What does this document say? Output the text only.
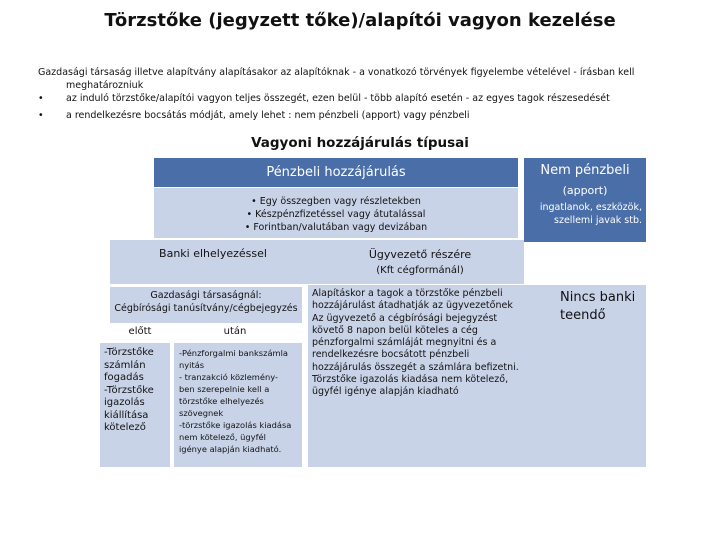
Törzstőke (jegyzett tőke)/alapítói vagyon kezelése
Gazdasági társaság illetve alapítvány alapításakor az alapítóknak - a vonatkozó törvények figyelembe vételével - írásban kell
meghatározniuk
• az induló törzstőke/alapítói vagyon teljes összegét, ezen belül - több alapító esetén - az egyes tagok részesedését
• a rendelkezésre bocsátás módját, amely lehet : nem pénzbeli (apport) vagy pénzbeli
Vagyoni hozzájárulás típusai
Pénzbeli hozzájárulás
• Egy összegben vagy részletekben
• Készpénzfizetéssel vagy átutalással
• Forintban/valutában vagy devizában
Nem pénzbeli
(apport)
ingatlanok, eszközök,
szellemi javak stb.
Banki elhelyezéssel	Ügyvezető részére
(Kft cégformánál)
Gazdasági társaságnál:
Cégbírósági tanúsítvány/cégbejegyzés
előtt	után
-Törzstőke
számlán
fogadás
-Törzstőke
igazolás
kiállítása
kötelező
-Pénzforgalmi bankszámla
nyitás
- tranzakció közlemény-
ben szerepelnie kell a
törzstőke elhelyezés
szövegnek
-törzstőke igazolás kiadása
nem kötelező, ügyfél
igénye alapján kiadható.
Alapításkor a tagok a törzstőke pénzbeli
hozzájárulást átadhatják az ügyvezetőnek
Az ügyvezető a cégbírósági bejegyzést
követő 8 napon belül köteles a cég
pénzforgalmi számláját megnyitni és a
rendelkezésre bocsátott pénzbeli
hozzájárulás összegét a számlára befizetni.
Törzstőke igazolás kiadása nem kötelező,
ügyfél igénye alapján kiadható
Nincs banki
teendő
